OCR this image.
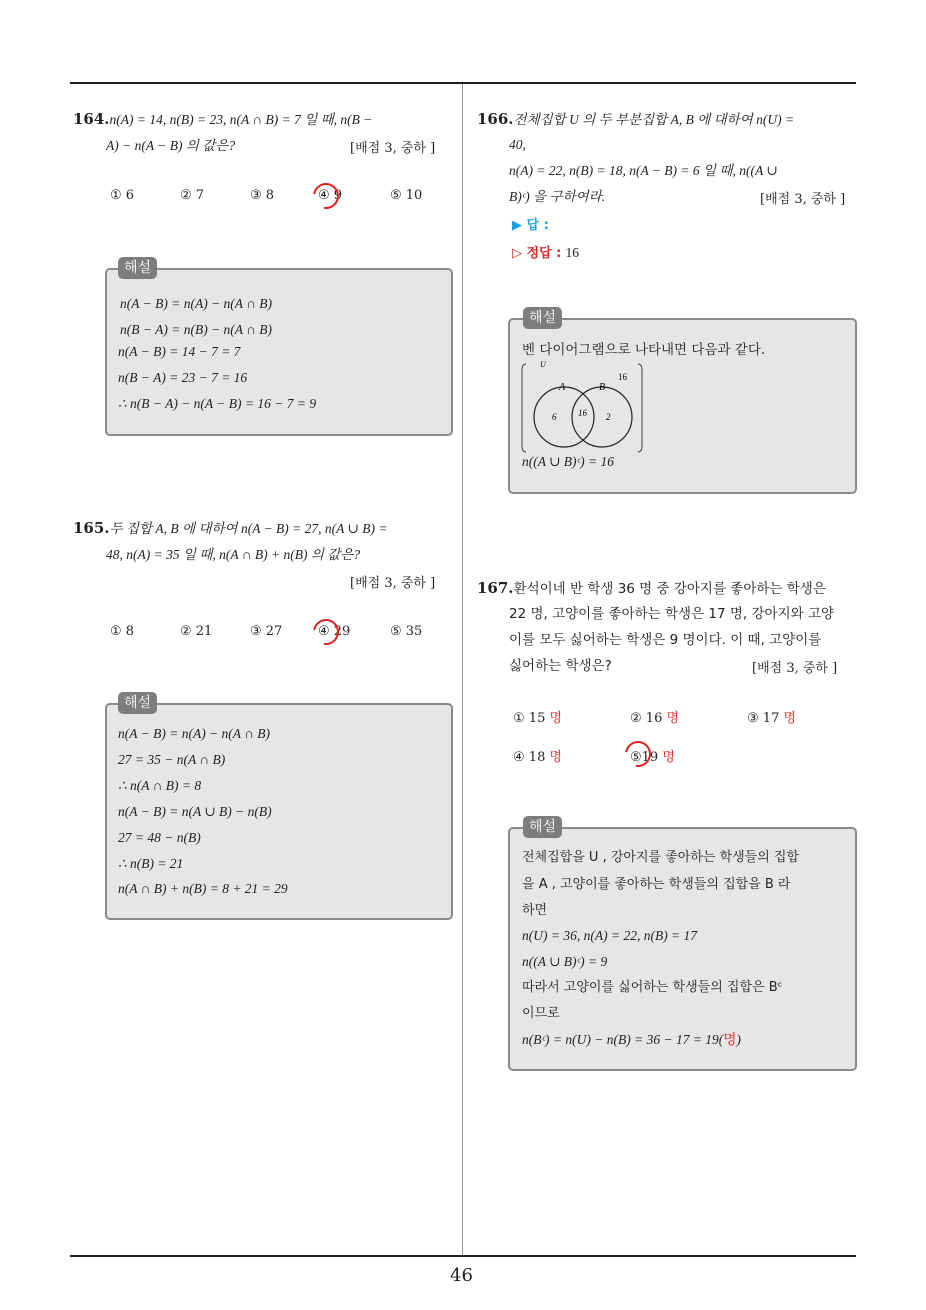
46
164.n(A) = 14, n(B) = 23, n(A ∩ B) = 7 일 때, n(B −
A) − n(A − B) 의 값은?	[배점 3, 중하 ]
① 6	② 7	③ 8	④ 9	⑤ 10
해설
n(A − B) = n(A) − n(A ∩ B)
n(B − A) = n(B) − n(A ∩ B)
n(A − B) = 14 − 7 = 7
n(B − A) = 23 − 7 = 16
∴ n(B − A) − n(A − B) = 16 − 7 = 9
165.두 집합 A, B 에 대하여 n(A − B) = 27, n(A ∪ B) =
48, n(A) = 35 일 때, n(A ∩ B) + n(B) 의 값은?
[배점 3, 중하 ]
① 8	② 21	③ 27	④ 29	⑤ 35
해설
n(A − B) = n(A) − n(A ∩ B)
27 = 35 − n(A ∩ B)
∴ n(A ∩ B) = 8
n(A − B) = n(A ∪ B) − n(B)
27 = 48 − n(B)
∴ n(B) = 21
n(A ∩ B) + n(B) = 8 + 21 = 29
166.전체집합 U 의 두 부분집합 A, B 에 대하여 n(U) =
40,
n(A) = 22, n(B) = 18, n(A − B) = 6 일 때, n((A ∪
B)ᶜ) 을 구하여라.	[배점 3, 중하 ]
▶ 답 :
▷ 정답 : 16
해설
벤 다이어그램으로 나타내면 다음과 같다.
U
A	B
16
6 16 2
n((A ∪ B)ᶜ) = 16
167.환석이네 반 학생 36 명 중 강아지를 좋아하는 학생은
22 명, 고양이를 좋아하는 학생은 17 명, 강아지와 고양
이를 모두 싫어하는 학생은 9 명이다. 이 때, 고양이를
싫어하는 학생은?	[배점 3, 중하 ]
① 15 명	② 16 명	③ 17 명
④ 18 명	⑤19 명
해설
전체집합을 U , 강아지를 좋아하는 학생들의 집합
을 A , 고양이를 좋아하는 학생들의 집합을 B 라
하면
n(U) = 36, n(A) = 22, n(B) = 17
n((A ∪ B)ᶜ) = 9
따라서 고양이를 싫어하는 학생들의 집합은 Bᶜ
이므로
n(Bᶜ) = n(U) − n(B) = 36 − 17 = 19(명)
